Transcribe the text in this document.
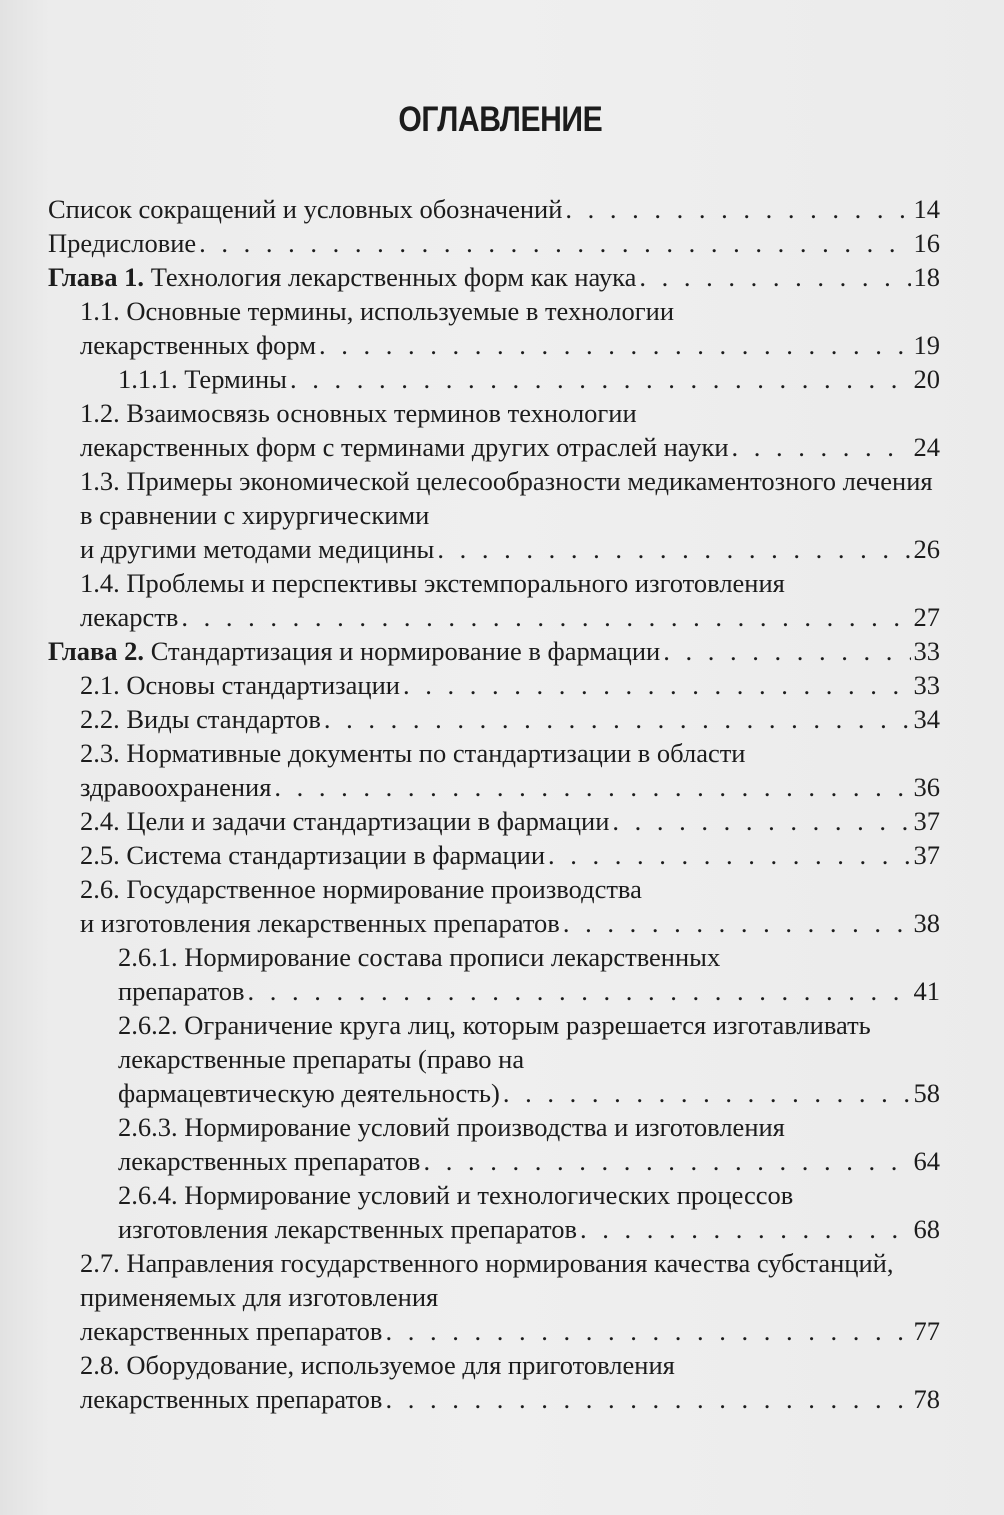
ОГЛАВЛЕНИЕ
Список сокращений и условных обозначений . . .	14
Предисловие . . .	16
Глава 1. Технология лекарственных форм как наука . . .	18
1.1. Основные термины, используемые в технологии
лекарственных форм . . .	19
1.1.1. Термины . . .	20
1.2. Взаимосвязь основных терминов технологии
лекарственных форм с терминами других отраслей науки . . .	24
1.3. Примеры экономической целесообразности медикаментозного лечения в сравнении с хирургическими
и другими методами медицины . . .	26
1.4. Проблемы и перспективы экстемпорального изготовления
лекарств . . .	27
Глава 2. Стандартизация и нормирование в фармации . . .	33
2.1. Основы стандартизации . . .	33
2.2. Виды стандартов . . .	34
2.3. Нормативные документы по стандартизации в области
здравоохранения . . .	36
2.4. Цели и задачи стандартизации в фармации . . .	37
2.5. Система стандартизации в фармации . . .	37
2.6. Государственное нормирование производства
и изготовления лекарственных препаратов . . .	38
2.6.1. Нормирование состава прописи лекарственных
препаратов . . .	41
2.6.2. Ограничение круга лиц, которым разрешается изготавливать лекарственные препараты (право на
фармацевтическую деятельность) . . .	58
2.6.3. Нормирование условий производства и изготовления
лекарственных препаратов . . .	64
2.6.4. Нормирование условий и технологических процессов
изготовления лекарственных препаратов . . .	68
2.7. Направления государственного нормирования качества субстанций, применяемых для изготовления
лекарственных препаратов . . .	77
2.8. Оборудование, используемое для приготовления
лекарственных препаратов . . .	78
